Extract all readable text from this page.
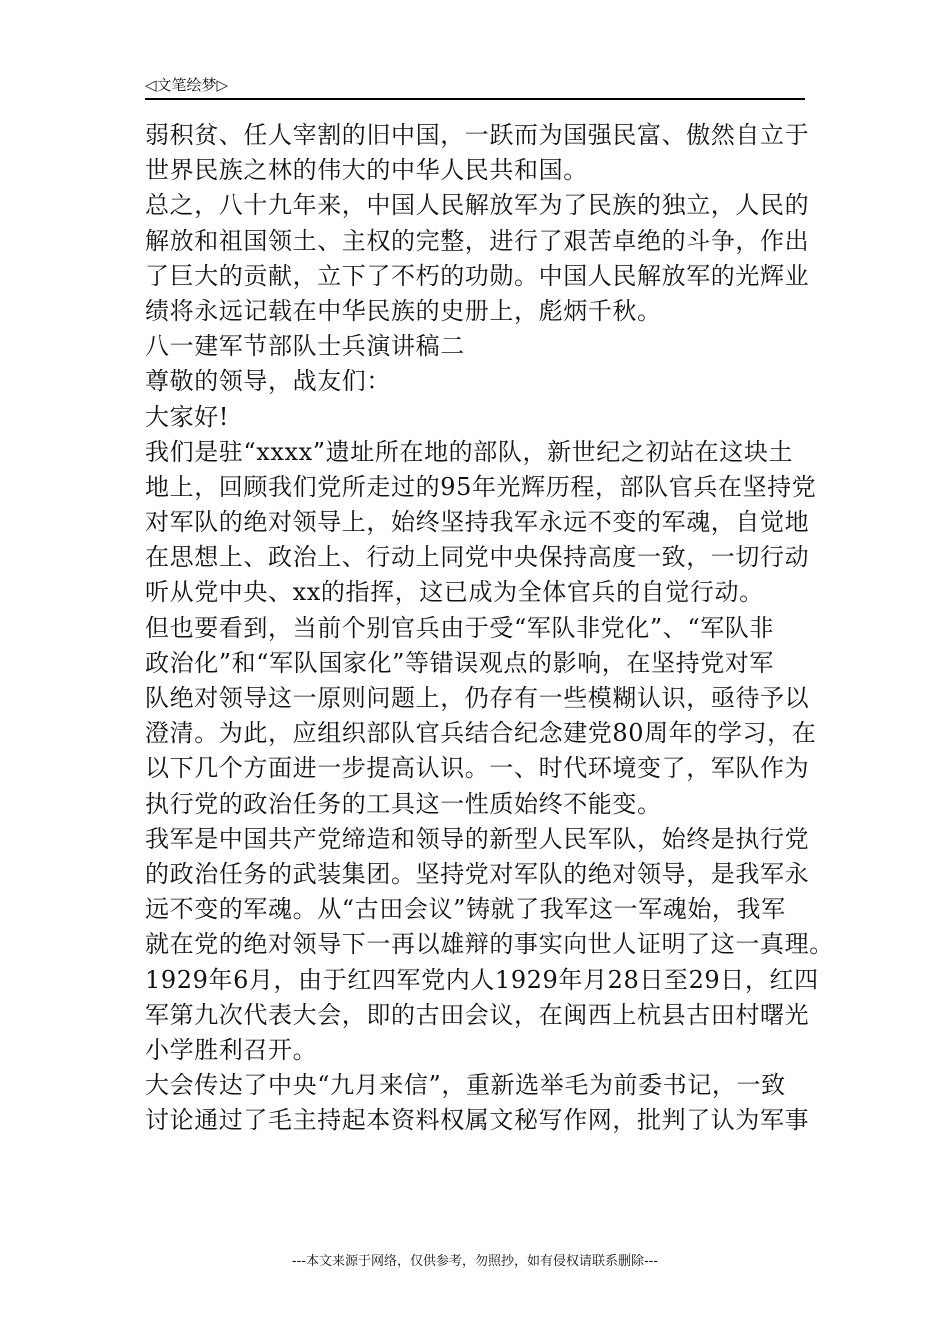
◁文笔绘梦▷
弱积贫、任人宰割的旧中国，一跃而为国强民富、傲然自立于
世界民族之林的伟大的中华人民共和国。
总之，八十九年来，中国人民解放军为了民族的独立，人民的
解放和祖国领土、主权的完整，进行了艰苦卓绝的斗争，作出
了巨大的贡献，立下了不朽的功勋。中国人民解放军的光辉业
绩将永远记载在中华民族的史册上，彪炳千秋。
八一建军节部队士兵演讲稿二
尊敬的领导，战友们：
大家好!
我们是驻“xxxx”遗址所在地的部队，新世纪之初站在这块土
地上，回顾我们党所走过的95年光辉历程，部队官兵在坚持党
对军队的绝对领导上，始终坚持我军永远不变的军魂，自觉地
在思想上、政治上、行动上同党中央保持高度一致，一切行动
听从党中央、xx的指挥，这已成为全体官兵的自觉行动。
但也要看到，当前个别官兵由于受“军队非党化”、“军队非
政治化”和“军队国家化”等错误观点的影响，在坚持党对军
队绝对领导这一原则问题上，仍存有一些模糊认识，亟待予以
澄清。为此，应组织部队官兵结合纪念建党80周年的学习，在
以下几个方面进一步提高认识。一、时代环境变了，军队作为
执行党的政治任务的工具这一性质始终不能变。
我军是中国共产党缔造和领导的新型人民军队，始终是执行党
的政治任务的武装集团。坚持党对军队的绝对领导，是我军永
远不变的军魂。从“古田会议”铸就了我军这一军魂始，我军
就在党的绝对领导下一再以雄辩的事实向世人证明了这一真理。
1929年6月，由于红四军党内人1929年月28日至29日，红四
军第九次代表大会，即的古田会议，在闽西上杭县古田村曙光
小学胜利召开。
大会传达了中央“九月来信”，重新选举毛为前委书记，一致
讨论通过了毛主持起本资料权属文秘写作网，批判了认为军事
---本文来源于网络，仅供参考，勿照抄，如有侵权请联系删除---
